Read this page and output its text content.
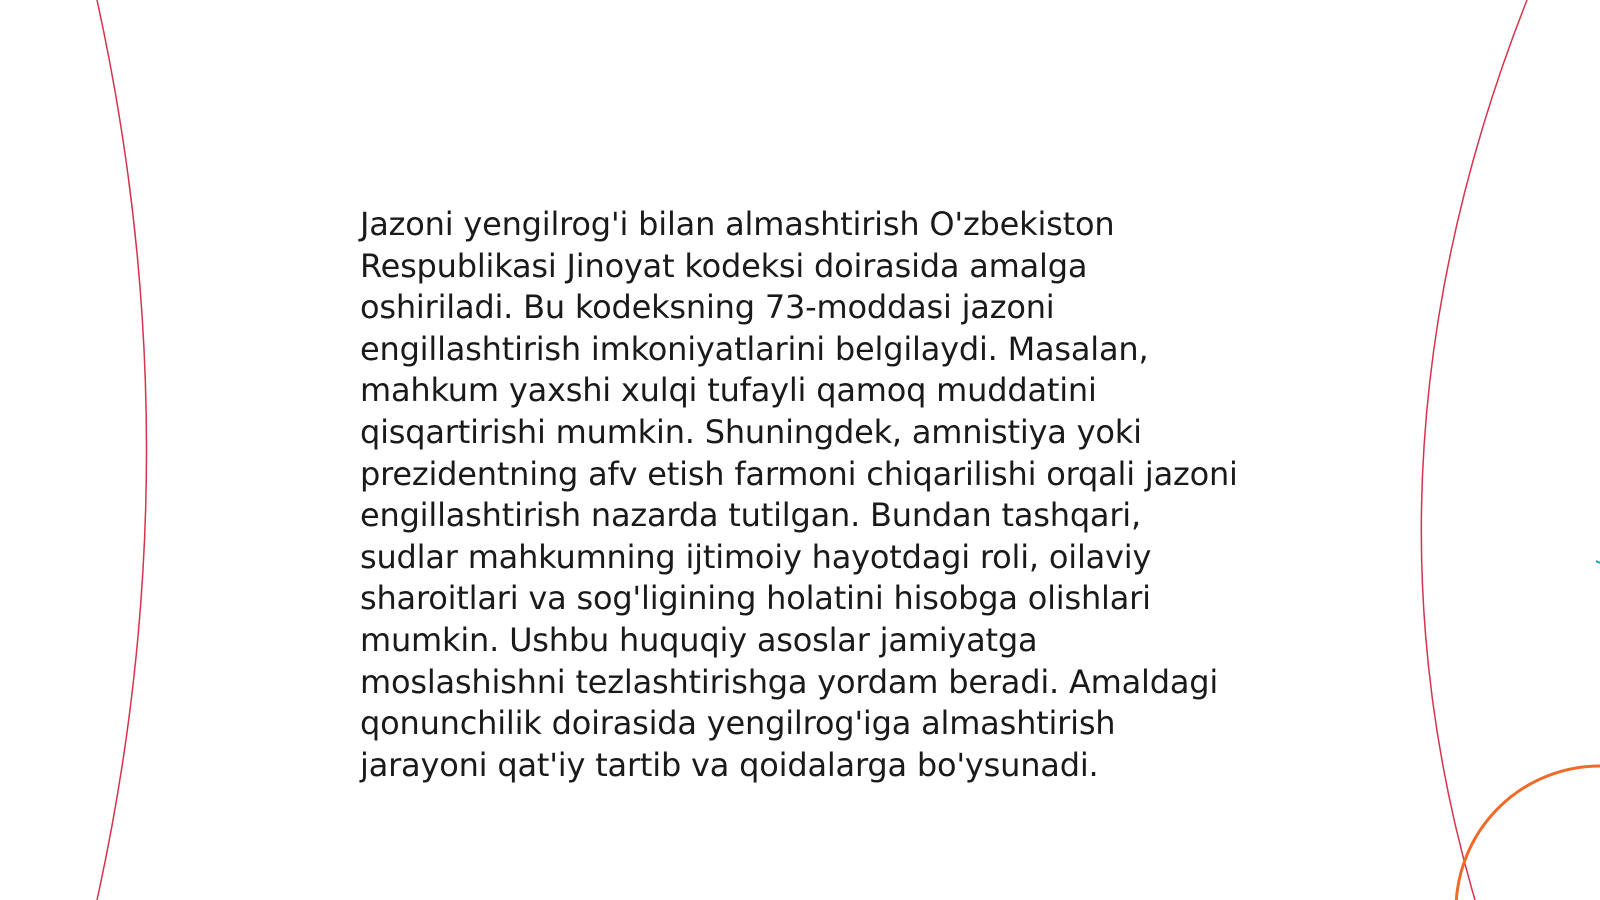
Jazoni yengilrog'i bilan almashtirish O'zbekiston Respublikasi Jinoyat kodeksi doirasida amalga oshiriladi. Bu kodeksning 73-moddasi jazoni engillashtirish imkoniyatlarini belgilaydi. Masalan, mahkum yaxshi xulqi tufayli qamoq muddatini qisqartirishi mumkin. Shuningdek, amnistiya yoki prezidentning afv etish farmoni chiqarilishi orqali jazoni engillashtirish nazarda tutilgan. Bundan tashqari, sudlar mahkumning ijtimoiy hayotdagi roli, oilaviy sharoitlari va sog'ligining holatini hisobga olishlari mumkin. Ushbu huquqiy asoslar jamiyatga moslashishni tezlashtirishga yordam beradi. Amaldagi qonunchilik doirasida yengilrog'iga almashtirish jarayoni qat'iy tartib va qoidalarga bo'ysunadi.
